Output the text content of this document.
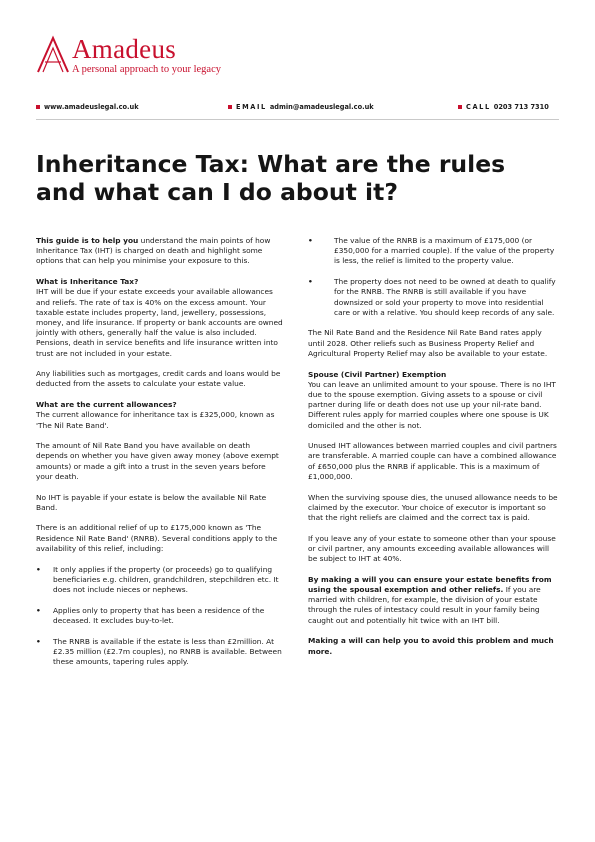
Amadeus
A personal approach to your legacy
www.amadeuslegal.co.uk	EMAIL admin@amadeuslegal.co.uk	CALL 0203 713 7310
Inheritance Tax: What are the rules
and what can I do about it?

This guide is to help you understand the main points of how Inheritance Tax (IHT) is charged on death and highlight some options that can help you minimise your exposure to this.

What is Inheritance Tax?
IHT will be due if your estate exceeds your available allowances and reliefs. The rate of tax is 40% on the excess amount. Your taxable estate includes property, land, jewellery, possessions, money, and life insurance. If property or bank accounts are owned jointly with others, generally half the value is also included. Pensions, death in service benefits and life insurance written into trust are not included in your estate.

Any liabilities such as mortgages, credit cards and loans would be deducted from the assets to calculate your estate value.

What are the current allowances?
The current allowance for inheritance tax is £325,000, known as 'The Nil Rate Band'.

The amount of Nil Rate Band you have available on death depends on whether you have given away money (above exempt amounts) or made a gift into a trust in the seven years before your death.

No IHT is payable if your estate is below the available Nil Rate Band.

There is an additional relief of up to £175,000 known as 'The Residence Nil Rate Band' (RNRB). Several conditions apply to the availability of this relief, including:

• It only applies if the property (or proceeds) go to qualifying beneficiaries e.g. children, grandchildren, stepchildren etc. It does not include nieces or nephews.
• Applies only to property that has been a residence of the deceased. It excludes buy-to-let.
• The RNRB is available if the estate is less than £2million. At £2.35 million (£2.7m couples), no RNRB is available. Between these amounts, tapering rules apply.
•	The value of the RNRB is a maximum of £175,000 (or £350,000 for a married couple). If the value of the property is less, the relief is limited to the property value.
•	The property does not need to be owned at death to qualify for the RNRB. The RNRB is still available if you have downsized or sold your property to move into residential care or with a relative. You should keep records of any sale.

The Nil Rate Band and the Residence Nil Rate Band rates apply until 2028. Other reliefs such as Business Property Relief and Agricultural Property Relief may also be available to your estate.

Spouse (Civil Partner) Exemption
You can leave an unlimited amount to your spouse. There is no IHT due to the spouse exemption. Giving assets to a spouse or civil partner during life or death does not use up your nil-rate band. Different rules apply for married couples where one spouse is UK domiciled and the other is not.

Unused IHT allowances between married couples and civil partners are transferable. A married couple can have a combined allowance of £650,000 plus the RNRB if applicable. This is a maximum of £1,000,000.

When the surviving spouse dies, the unused allowance needs to be claimed by the executor. Your choice of executor is important so that the right reliefs are claimed and the correct tax is paid.

If you leave any of your estate to someone other than your spouse or civil partner, any amounts exceeding available allowances will be subject to IHT at 40%.

By making a will you can ensure your estate benefits from using the spousal exemption and other reliefs. If you are married with children, for example, the division of your estate through the rules of intestacy could result in your family being caught out and potentially hit twice with an IHT bill.

Making a will can help you to avoid this problem and much more.
